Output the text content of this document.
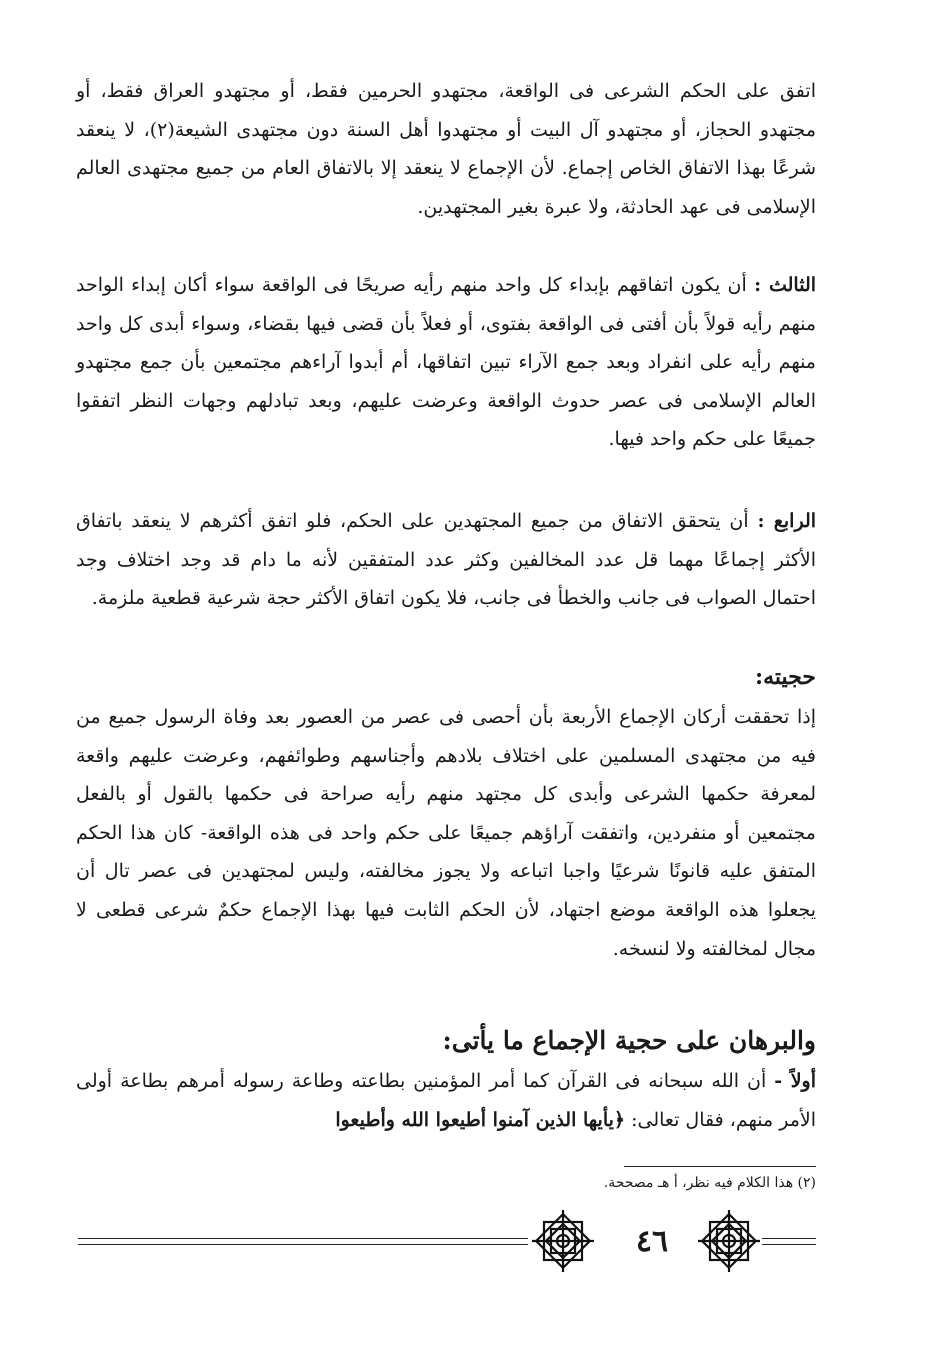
اتفق على الحكم الشرعى فى الواقعة، مجتهدو الحرمين فقط، أو مجتهدو العراق فقط، أو مجتهدو الحجاز، أو مجتهدو آل البيت أو مجتهدوا أهل السنة دون مجتهدى الشيعة(٢)، لا ينعقد شرعًا بهذا الاتفاق الخاص إجماع. لأن الإجماع لا ينعقد إلا بالاتفاق العام من جميع مجتهدى العالم الإسلامى فى عهد الحادثة، ولا عبرة بغير المجتهدين.

الثالث : أن يكون اتفاقهم بإبداء كل واحد منهم رأيه صريحًا فى الواقعة سواء أكان إبداء الواحد منهم رأيه قولاً بأن أفتى فى الواقعة بفتوى، أو فعلاً بأن قضى فيها بقضاء، وسواء أبدى كل واحد منهم رأيه على انفراد وبعد جمع الآراء تبين اتفاقها، أم أبدوا آراءهم مجتمعين بأن جمع مجتهدو العالم الإسلامى فى عصر حدوث الواقعة وعرضت عليهم، وبعد تبادلهم وجهات النظر اتفقوا جميعًا على حكم واحد فيها.

الرابع : أن يتحقق الاتفاق من جميع المجتهدين على الحكم، فلو اتفق أكثرهم لا ينعقد باتفاق الأكثر إجماعًا مهما قل عدد المخالفين وكثر عدد المتفقين لأنه ما دام قد وجد اختلاف وجد احتمال الصواب فى جانب والخطأ فى جانب، فلا يكون اتفاق الأكثر حجة شرعية قطعية ملزمة.

حجيته:

إذا تحققت أركان الإجماع الأربعة بأن أحصى فى عصر من العصور بعد وفاة الرسول جميع من فيه من مجتهدى المسلمين على اختلاف بلادهم وأجناسهم وطوائفهم، وعرضت عليهم واقعة لمعرفة حكمها الشرعى وأبدى كل مجتهد منهم رأيه صراحة فى حكمها بالقول أو بالفعل مجتمعين أو منفردين، واتفقت آراؤهم جميعًا على حكم واحد فى هذه الواقعة- كان هذا الحكم المتفق عليه قانونًا شرعيًا واجبا اتباعه ولا يجوز مخالفته، وليس لمجتهدين فى عصر تال أن يجعلوا هذه الواقعة موضع اجتهاد، لأن الحكم الثابت فيها بهذا الإجماع حكمٌ شرعى قطعى لا مجال لمخالفته ولا لنسخه.

والبرهان على حجية الإجماع ما يأتى:

أولاً - أن الله سبحانه فى القرآن كما أمر المؤمنين بطاعته وطاعة رسوله أمرهم بطاعة أولى الأمر منهم، فقال تعالى: ﴿يأيها الذين آمنوا أطيعوا الله وأطيعوا

(٢) هذا الكلام فيه نظر، أ هـ مصححة.

٤٦
